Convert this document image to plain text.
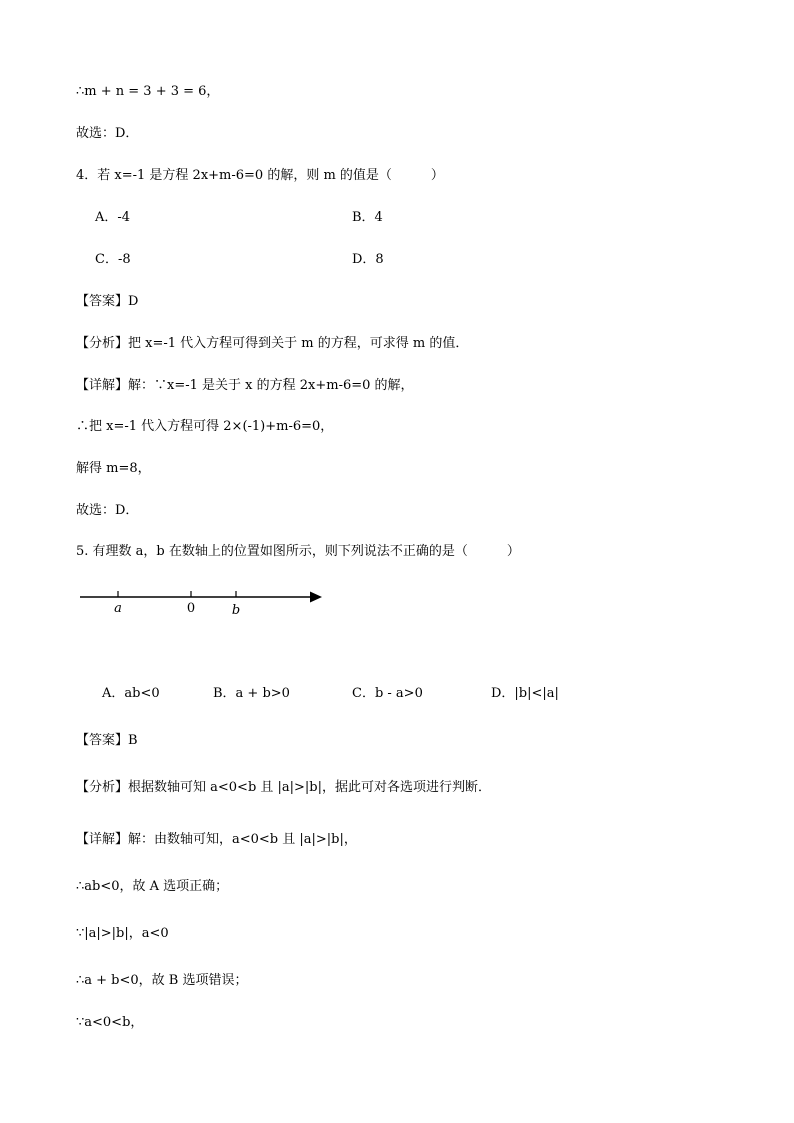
∴m + n = 3 + 3 = 6，
故选：D．
4．若 x=-1 是方程 2x+m-6=0 的解，则 m 的值是（　　　）
A．-4	B．4
C．-8	D．8
【答案】D
【分析】把 x=-1 代入方程可得到关于 m 的方程，可求得 m 的值．
【详解】解：∵x=-1 是关于 x 的方程 2x+m-6=0 的解，
∴把 x=-1 代入方程可得 2×(-1)+m-6=0，
解得 m=8，
故选：D．
5. 有理数 a，b 在数轴上的位置如图所示，则下列说法不正确的是（　　　）
a	0	b
A．ab<0	B．a + b>0	C．b - a>0	D．|b|<|a|
【答案】B
【分析】根据数轴可知 a<0<b 且 |a|>|b|，据此可对各选项进行判断．
【详解】解：由数轴可知，a<0<b 且 |a|>|b|，
∴ab<0，故 A 选项正确；
∵|a|>|b|，a<0
∴a + b<0，故 B 选项错误；
∵a<0<b，
